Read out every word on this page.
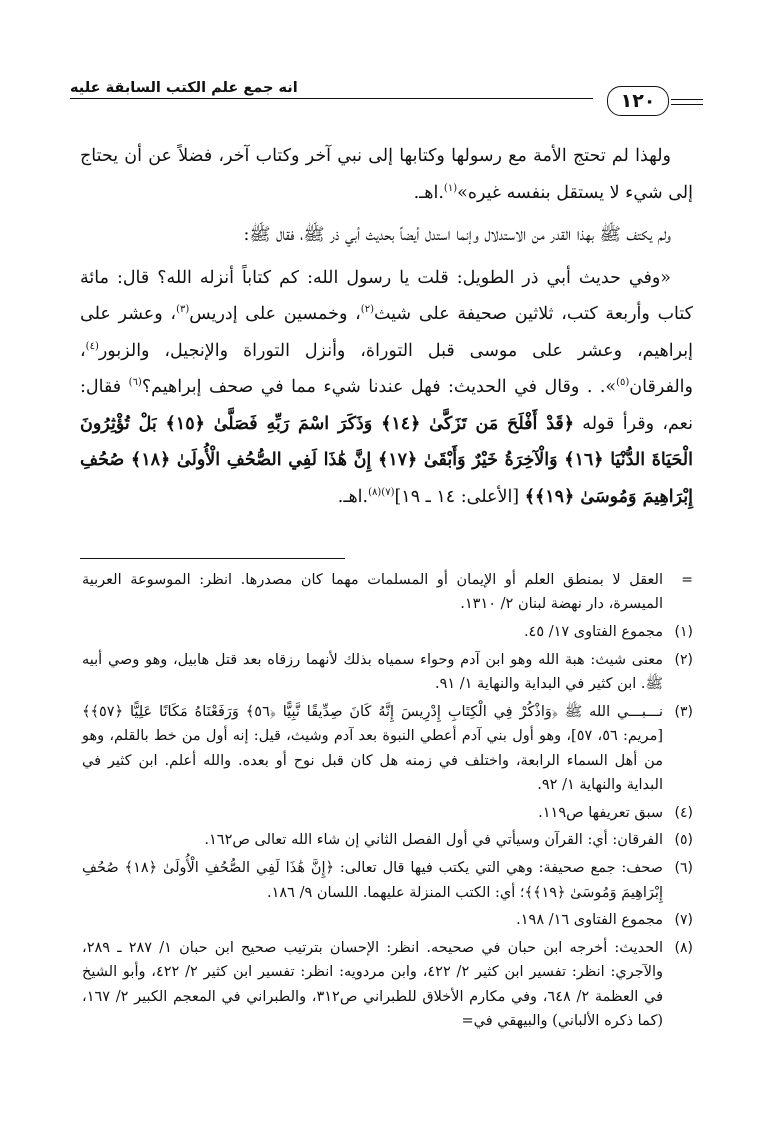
انه جمع علم الكتب السابقة عليه
١٢٠

ولهذا لم تحتج الأمة مع رسولها وكتابها إلى نبي آخر وكتاب آخر، فضلاً عن أن يحتاج إلى شيء لا يستقل بنفسه غيره»$^{(١)}$.اهـ.

ولم يكتف ﷺ بهذا القدر من الاستدلال وإنما استدل أيضاً بحديث أبي ذر ﷺ، فقال ﷺ:

«وفي حديث أبي ذر الطويل: قلت يا رسول الله: كم كتاباً أنزله الله؟ قال: مائة كتاب وأربعة كتب، ثلاثين صحيفة على شيث$^{(٢)}$، وخمسين على إدريس$^{(٣)}$، وعشر على إبراهيم، وعشر على موسى قبل التوراة، وأنزل التوراة والإنجيل، والزبور$^{(٤)}$، والفرقان$^{(٥)}$». . وقال في الحديث: فهل عندنا شيء مما في صحف إبراهيم؟$^{(٦)}$ فقال: نعم، وقرأ قوله ﴿قَدْ أَفْلَحَ مَن تَزَكَّىٰ ﴿١٤﴾ وَذَكَرَ اسْمَ رَبِّهِ فَصَلَّىٰ ﴿١٥﴾ بَلْ تُؤْثِرُونَ الْحَيَاةَ الدُّنْيَا ﴿١٦﴾ وَالْآخِرَةُ خَيْرٌ وَأَبْقَىٰ ﴿١٧﴾ إِنَّ هَٰذَا لَفِي الصُّحُفِ الْأُولَىٰ ﴿١٨﴾ صُحُفِ إِبْرَاهِيمَ وَمُوسَىٰ ﴿١٩﴾﴾ [الأعلى: ١٤ ـ ١٩]$^{(٧)(٨)}$.اهـ.

=
العقل لا بمنطق العلم أو الإيمان أو المسلمات مهما كان مصدرها. انظر: الموسوعة العربية الميسرة، دار نهضة لبنان ٢/ ١٣١٠.
(١)
مجموع الفتاوى ١٧/ ٤٥.
(٢)
معنى شيث: هبة الله وهو ابن آدم وحواء سمياه بذلك لأنهما رزقاه بعد قتل هابيل، وهو وصي أبيه ﷺ. ابن كثير في البداية والنهاية ١/ ٩١.
(٣)
نـــبـــي الله ﷺ ﴿وَاذْكُرْ فِي الْكِتَابِ إِدْرِيسَ إِنَّهُ كَانَ صِدِّيقًا نَّبِيًّا ﴿٥٦﴾ وَرَفَعْنَاهُ مَكَانًا عَلِيًّا ﴿٥٧﴾﴾ [مريم: ٥٦، ٥٧]، وهو أول بني آدم أعطي النبوة بعد آدم وشيث، قيل: إنه أول من خط بالقلم، وهو من أهل السماء الرابعة، واختلف في زمنه هل كان قبل نوح أو بعده. والله أعلم. ابن كثير في البداية والنهاية ١/ ٩٢.
(٤)
سبق تعريفها ص١١٩.
(٥)
الفرقان: أي: القرآن وسيأتي في أول الفصل الثاني إن شاء الله تعالى ص١٦٢.
(٦)
صحف: جمع صحيفة: وهي التي يكتب فيها قال تعالى: ﴿إِنَّ هَٰذَا لَفِي الصُّحُفِ الْأُولَىٰ ﴿١٨﴾ صُحُفِ إِبْرَاهِيمَ وَمُوسَىٰ ﴿١٩﴾﴾؛ أي: الكتب المنزلة عليهما. اللسان ٩/ ١٨٦.
(٧)
مجموع الفتاوى ١٦/ ١٩٨.
(٨)
الحديث: أخرجه ابن حبان في صحيحه. انظر: الإحسان بترتيب صحيح ابن حبان ١/ ٢٨٧ ـ ٢٨٩، والآجري: انظر: تفسير ابن كثير ٢/ ٤٢٢، وابن مردويه: انظر: تفسير ابن كثير ٢/ ٤٢٢، وأبو الشيخ في العظمة ٢/ ٦٤٨، وفي مكارم الأخلاق للطبراني ص٣١٢، والطبراني في المعجم الكبير ٢/ ١٦٧، (كما ذكره الألباني) والبيهقي في=
